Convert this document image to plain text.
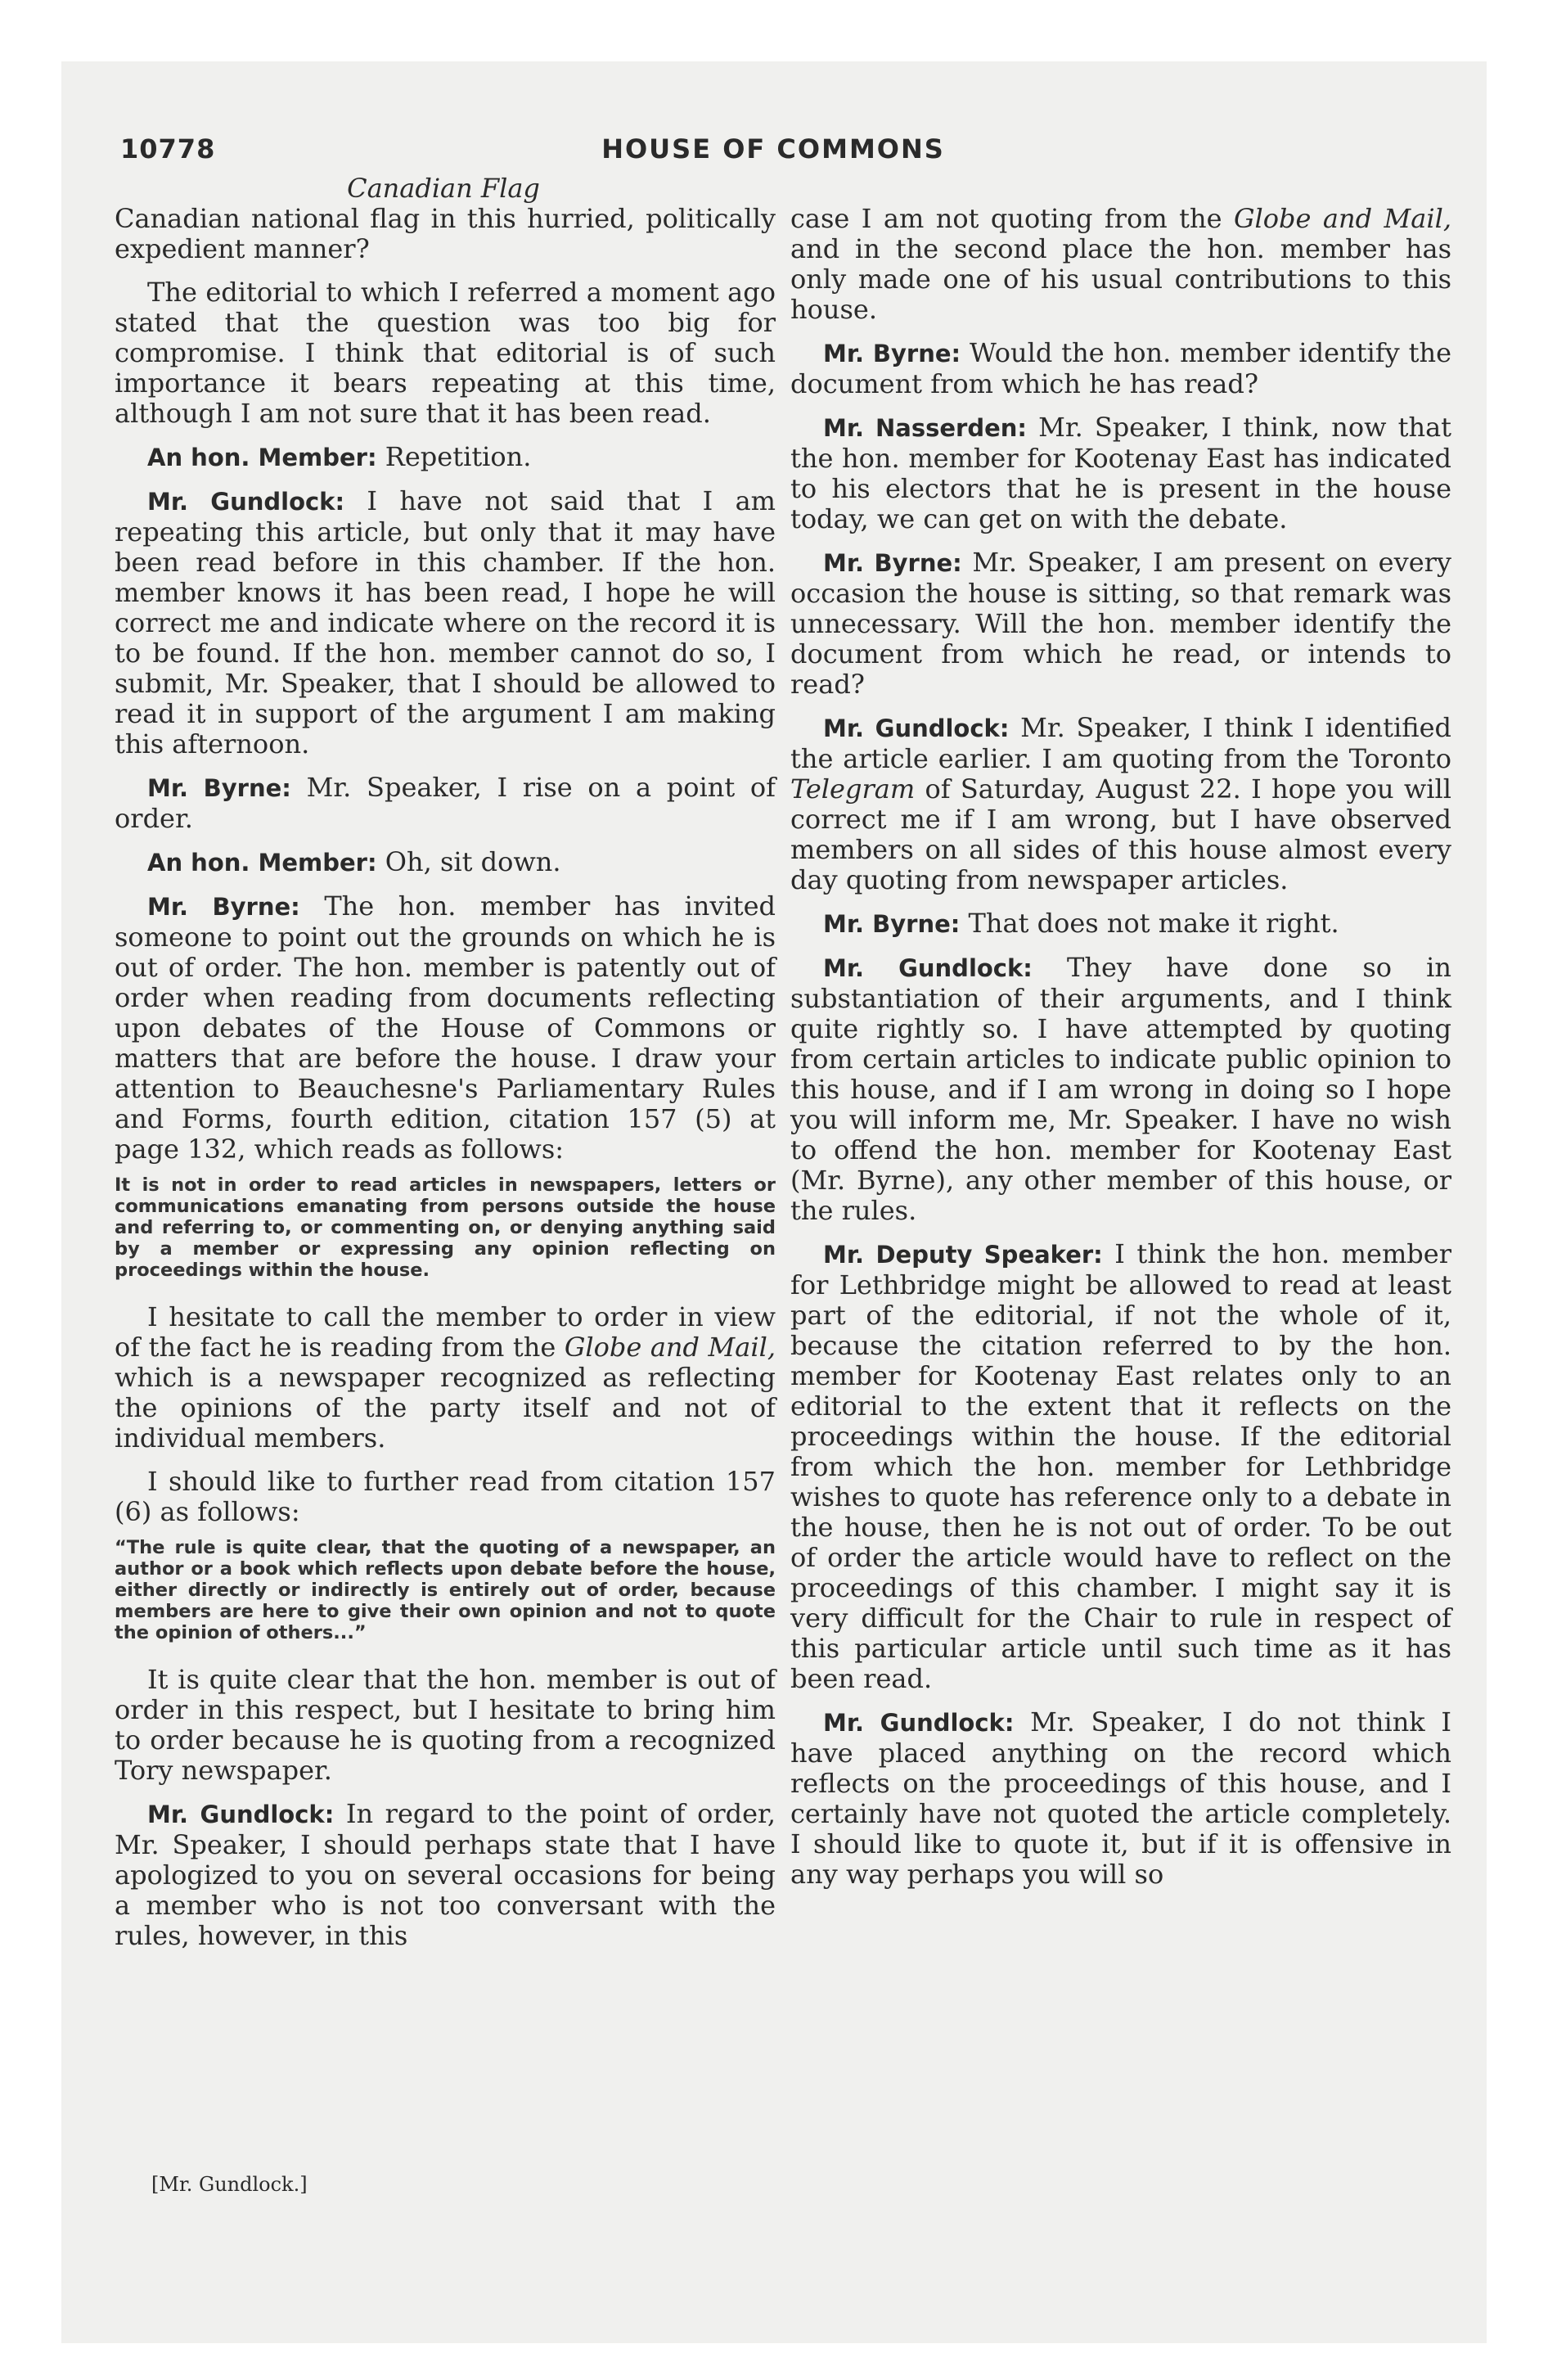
10778	HOUSE OF COMMONS
Canadian Flag

Canadian national flag in this hurried, politically expedient manner?

The editorial to which I referred a moment ago stated that the question was too big for compromise. I think that editorial is of such importance it bears repeating at this time, although I am not sure that it has been read.

An hon. Member: Repetition.

Mr. Gundlock: I have not said that I am repeating this article, but only that it may have been read before in this chamber. If the hon. member knows it has been read, I hope he will correct me and indicate where on the record it is to be found. If the hon. member cannot do so, I submit, Mr. Speaker, that I should be allowed to read it in support of the argument I am making this afternoon.

Mr. Byrne: Mr. Speaker, I rise on a point of order.

An hon. Member: Oh, sit down.

Mr. Byrne: The hon. member has invited someone to point out the grounds on which he is out of order. The hon. member is patently out of order when reading from documents reflecting upon debates of the House of Commons or matters that are before the house. I draw your attention to Beauchesne's Parliamentary Rules and Forms, fourth edition, citation 157 (5) at page 132, which reads as follows:

It is not in order to read articles in newspapers, letters or communications emanating from persons outside the house and referring to, or commenting on, or denying anything said by a member or expressing any opinion reflecting on proceedings within the house.

I hesitate to call the member to order in view of the fact he is reading from the Globe and Mail, which is a newspaper recognized as reflecting the opinions of the party itself and not of individual members.

I should like to further read from citation 157 (6) as follows:

“The rule is quite clear, that the quoting of a newspaper, an author or a book which reflects upon debate before the house, either directly or indirectly is entirely out of order, because members are here to give their own opinion and not to quote the opinion of others...”

It is quite clear that the hon. member is out of order in this respect, but I hesitate to bring him to order because he is quoting from a recognized Tory newspaper.

Mr. Gundlock: In regard to the point of order, Mr. Speaker, I should perhaps state that I have apologized to you on several occasions for being a member who is not too conversant with the rules, however, in this

case I am not quoting from the Globe and Mail, and in the second place the hon. member has only made one of his usual contributions to this house.

Mr. Byrne: Would the hon. member identify the document from which he has read?

Mr. Nasserden: Mr. Speaker, I think, now that the hon. member for Kootenay East has indicated to his electors that he is present in the house today, we can get on with the debate.

Mr. Byrne: Mr. Speaker, I am present on every occasion the house is sitting, so that remark was unnecessary. Will the hon. member identify the document from which he read, or intends to read?

Mr. Gundlock: Mr. Speaker, I think I identified the article earlier. I am quoting from the Toronto Telegram of Saturday, August 22. I hope you will correct me if I am wrong, but I have observed members on all sides of this house almost every day quoting from newspaper articles.

Mr. Byrne: That does not make it right.

Mr. Gundlock: They have done so in substantiation of their arguments, and I think quite rightly so. I have attempted by quoting from certain articles to indicate public opinion to this house, and if I am wrong in doing so I hope you will inform me, Mr. Speaker. I have no wish to offend the hon. member for Kootenay East (Mr. Byrne), any other member of this house, or the rules.

Mr. Deputy Speaker: I think the hon. member for Lethbridge might be allowed to read at least part of the editorial, if not the whole of it, because the citation referred to by the hon. member for Kootenay East relates only to an editorial to the extent that it reflects on the proceedings within the house. If the editorial from which the hon. member for Lethbridge wishes to quote has reference only to a debate in the house, then he is not out of order. To be out of order the article would have to reflect on the proceedings of this chamber. I might say it is very difficult for the Chair to rule in respect of this particular article until such time as it has been read.

Mr. Gundlock: Mr. Speaker, I do not think I have placed anything on the record which reflects on the proceedings of this house, and I certainly have not quoted the article completely. I should like to quote it, but if it is offensive in any way perhaps you will so

[Mr. Gundlock.]
